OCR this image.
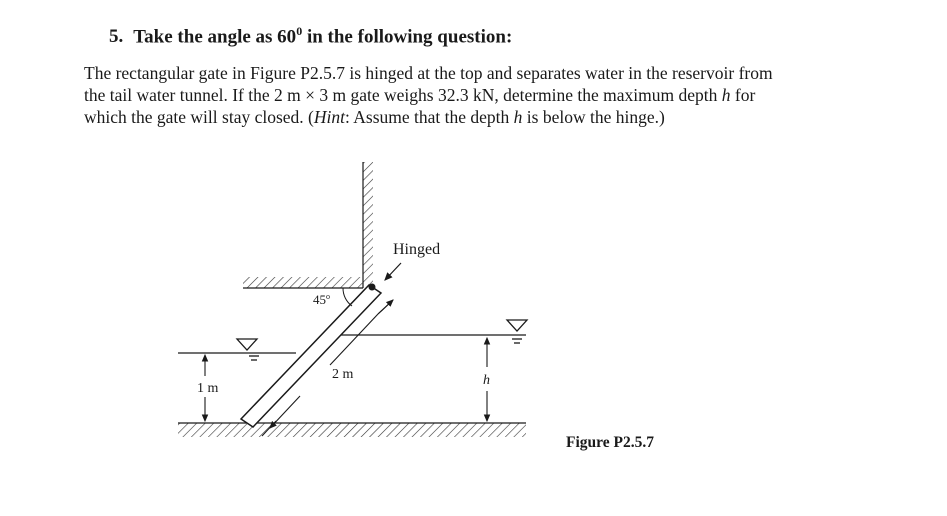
5. Take the angle as $60^0$ in the following question:
The rectangular gate in Figure P2.5.7 is hinged at the top and separates water in the reservoir from
the tail water tunnel. If the 2 m × 3 m gate weighs 32.3 kN, determine the maximum depth h for
which the gate will stay closed. (Hint: Assume that the depth h is below the hinge.)
Hinged
45$^o$
2 m
1 m
h
Figure P2.5.7
